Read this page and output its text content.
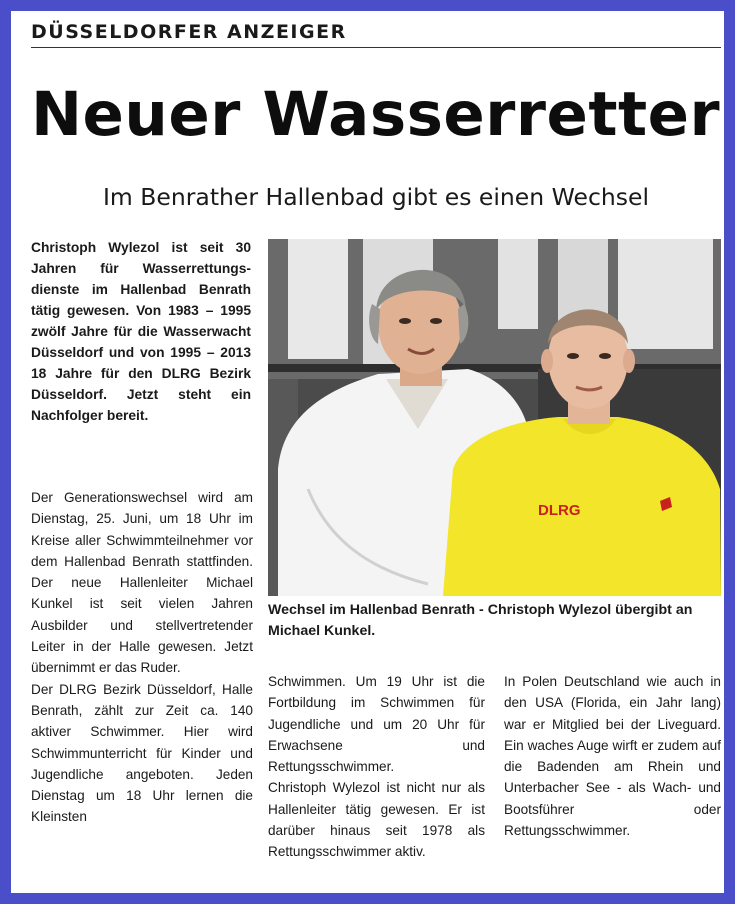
DÜSSELDORFER ANZEIGER
Neuer Wasserretter
Im Benrather Hallenbad gibt es einen Wechsel

Christoph Wylezol ist seit 30 Jahren für Wasserrettungs-dienste im Hallenbad Benrath tätig gewesen. Von 1983 – 1995 zwölf Jahre für die Wasserwacht Düsseldorf und von 1995 – 2013 18 Jahre für den DLRG Bezirk Düsseldorf. Jetzt steht ein Nachfolger bereit.

Der Generationswechsel wird am Dienstag, 25. Juni, um 18 Uhr im Kreise aller Schwimmteilnehmer vor dem Hallenbad Benrath stattfinden. Der neue Hallenleiter Michael Kunkel ist seit vielen Jahren Ausbilder und stellvertretender Leiter in der Halle gewesen. Jetzt übernimmt er das Ruder.

Der DLRG Bezirk Düsseldorf, Halle Benrath, zählt zur Zeit ca. 140 aktiver Schwimmer. Hier wird Schwimmunterricht für Kinder und Jugendliche angeboten. Jeden Dienstag um 18 Uhr lernen die Kleinsten

DLRG
Wechsel im Hallenbad Benrath - Christoph Wylezol übergibt an Michael Kunkel.

Schwimmen. Um 19 Uhr ist die Fortbildung im Schwimmen für Jugendliche und um 20 Uhr für Erwachsene und Rettungsschwimmer.

Christoph Wylezol ist nicht nur als Hallenleiter tätig gewesen. Er ist darüber hinaus seit 1978 als Rettungsschwimmer aktiv.

In Polen Deutschland wie auch in den USA (Florida, ein Jahr lang) war er Mitglied bei der Liveguard. Ein waches Auge wirft er zudem auf die Badenden am Rhein und Unterbacher See - als Wach- und Bootsführer oder Rettungsschwimmer.
